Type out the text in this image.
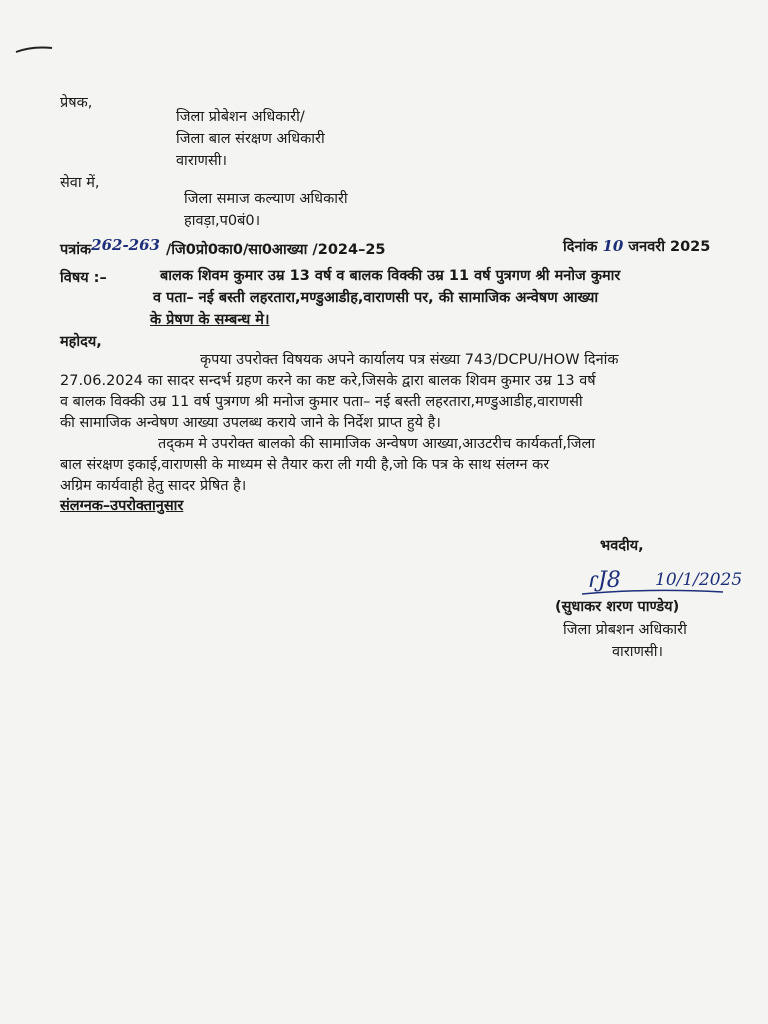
प्रेषक,
जिला प्रोबेशन अधिकारी/
जिला बाल संरक्षण अधिकारी
वाराणसी।
सेवा में,
जिला समाज कल्याण अधिकारी
हावड़ा,प0बं0।
पत्रांक262-263 /जि0प्रो0का0/सा0आख्या /2024–25	दिनांक 10 जनवरी 2025
विषय :–	बालक शिवम कुमार उम्र 13 वर्ष व बालक विक्की उम्र 11 वर्ष पुत्रगण श्री मनोज कुमार
व पता– नई बस्ती लहरतारा,मण्डुआडीह,वाराणसी पर, की सामाजिक अन्वेषण आख्या
के प्रेषण के सम्बन्ध मे।
महोदय,
कृपया उपरोक्त विषयक अपने कार्यालय पत्र संख्या 743/DCPU/HOW दिनांक
27.06.2024 का सादर सन्दर्भ ग्रहण करने का कष्ट करे,जिसके द्वारा बालक शिवम कुमार उम्र 13 वर्ष
व बालक विक्की उम्र 11 वर्ष पुत्रगण श्री मनोज कुमार पता– नई बस्ती लहरतारा,मण्डुआडीह,वाराणसी
की सामाजिक अन्वेषण आख्या उपलब्ध कराये जाने के निर्देश प्राप्त हुये है।
तद्कम मे उपरोक्त बालको की सामाजिक अन्वेषण आख्या,आउटरीच कार्यकर्ता,जिला
बाल संरक्षण इकाई,वाराणसी के माध्यम से तैयार करा ली गयी है,जो कि पत्र के साथ संलग्न कर
अग्रिम कार्यवाही हेतु सादर प्रेषित है।
संलग्नक–उपरोक्तानुसार
भवदीय,
ɾJ8 10/1/2025
(सुधाकर शरण पाण्डेय)
जिला प्रोबशन अधिकारी
वाराणसी।
